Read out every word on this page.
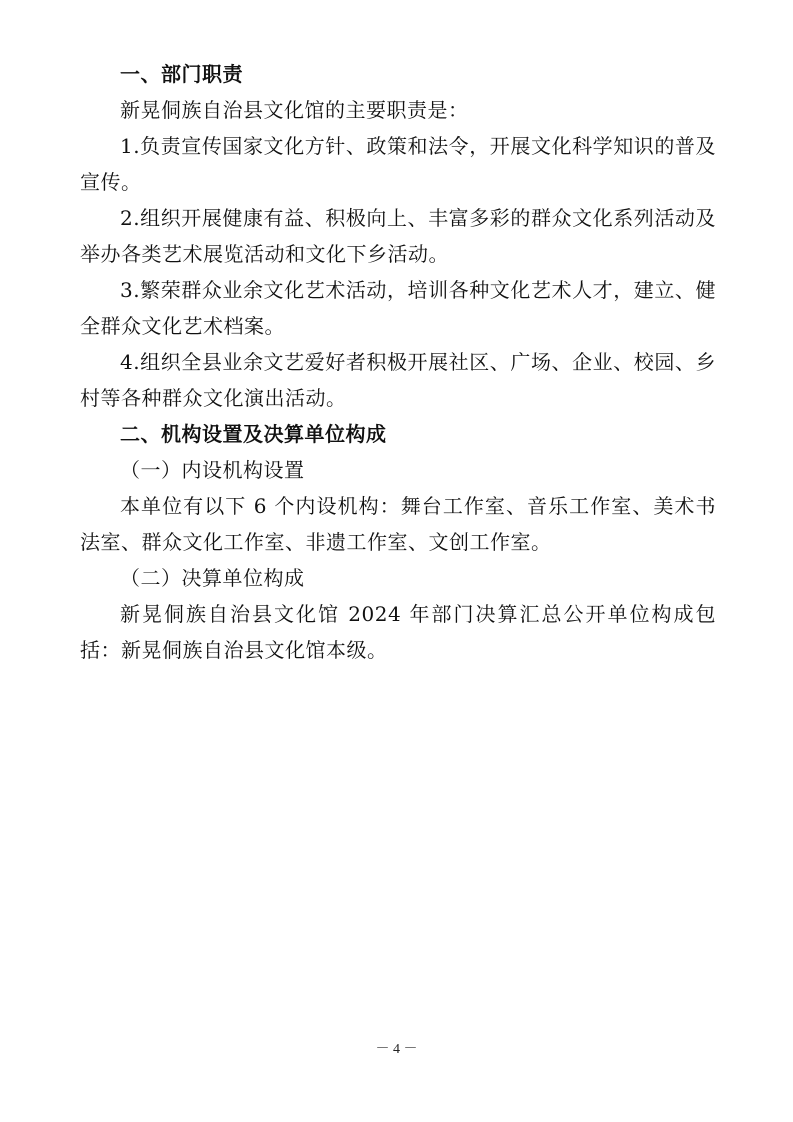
一、部门职责

新晃侗族自治县文化馆的主要职责是：

1.负责宣传国家文化方针、政策和法令，开展文化科学知识的普及宣传。

2.组织开展健康有益、积极向上、丰富多彩的群众文化系列活动及举办各类艺术展览活动和文化下乡活动。

3.繁荣群众业余文化艺术活动，培训各种文化艺术人才，建立、健全群众文化艺术档案。

4.组织全县业余文艺爱好者积极开展社区、广场、企业、校园、乡村等各种群众文化演出活动。

二、机构设置及决算单位构成

（一）内设机构设置

本单位有以下 6 个内设机构：舞台工作室、音乐工作室、美术书法室、群众文化工作室、非遗工作室、文创工作室。

（二）决算单位构成

新晃侗族自治县文化馆 2024 年部门决算汇总公开单位构成包括：新晃侗族自治县文化馆本级。

－ 4 －
